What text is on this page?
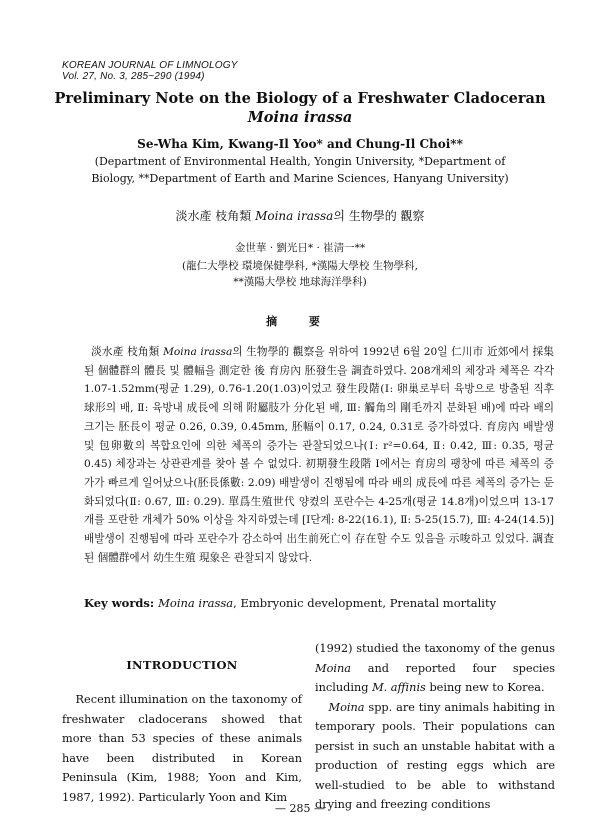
KOREAN JOURNAL OF LIMNOLOGY
Vol. 27, No. 3, 285~290 (1994)
Preliminary Note on the Biology of a Freshwater Cladoceran
Moina irassa
Se-Wha Kim, Kwang-Il Yoo* and Chung-Il Choi**
(Department of Environmental Health, Yongin University, *Department of
Biology, **Department of Earth and Marine Sciences, Hanyang University)
淡水產 枝角類 Moina irassa의 生物學的 觀察
金世華 · 劉光日* · 崔淸一**
(龍仁大學校 環境保健學科, *漢陽大學校 生物學科,
**漢陽大學校 地球海洋學科)
摘 要

淡水產 枝角類 Moina irassa의 生物學的 觀察을 위하여 1992년 6월 20일 仁川市 近郊에서 採集된 個體群의 體長 및 體幅을 測定한 後 育房內 胚發生을 調査하였다. 208개체의 체장과 체폭은 각각 1.07-1.52mm(평균 1.29), 0.76-1.20(1.03)이었고 發生段階(Ⅰ: 卵巢로부터 육방으로 방출된 직후 球形의 배, Ⅱ: 육방내 成長에 의해 附屬肢가 分化된 배, Ⅲ: 觸角의 剛毛까지 분화된 배)에 따라 배의 크기는 胚長이 평균 0.26, 0.39, 0.45mm, 胚幅이 0.17, 0.24, 0.31로 증가하였다. 育房內 배발생 및 包卵數의 복합요인에 의한 체폭의 증가는 관찰되었으나(Ⅰ: r²=0.64, Ⅱ: 0.42, Ⅲ: 0.35, 평균 0.45) 체장과는 상관관계를 찾아 볼 수 없었다. 初期發生段階 Ⅰ에서는 育房의 팽창에 따른 체폭의 증가가 빠르게 일어났으나(胚長係數: 2.09) 배발생이 진행됨에 따라 배의 成長에 따른 체폭의 증가는 둔화되었다(Ⅱ: 0.67, Ⅲ: 0.29). 單爲生殖世代 양켰의 포란수는 4-25개(평균 14.8개)이었으며 13-17개를 포란한 개체가 50% 이상을 차지하였는데 [Ⅰ단계: 8-22(16.1), Ⅱ: 5-25(15.7), Ⅲ: 4-24(14.5)] 배발생이 진행됨에 따라 포란수가 감소하여 出生前死亡이 存在할 수도 있음을 示唆하고 있었다. 調査된 個體群에서 幼生生殖 現象은 관찰되지 않았다.

Key words: Moina irassa, Embryonic development, Prenatal mortality
INTRODUCTION

Recent illumination on the taxonomy of freshwater cladocerans showed that more than 53 species of these animals have been distributed in Korean Peninsula (Kim, 1988; Yoon and Kim, 1987, 1992). Particularly Yoon and Kim

(1992) studied the taxonomy of the genus Moina and reported four species including M. affinis being new to Korea.

Moina spp. are tiny animals habiting in temporary pools. Their populations can persist in such an unstable habitat with a production of resting eggs which are well-studied to be able to withstand drying and freezing conditions

— 285 —
